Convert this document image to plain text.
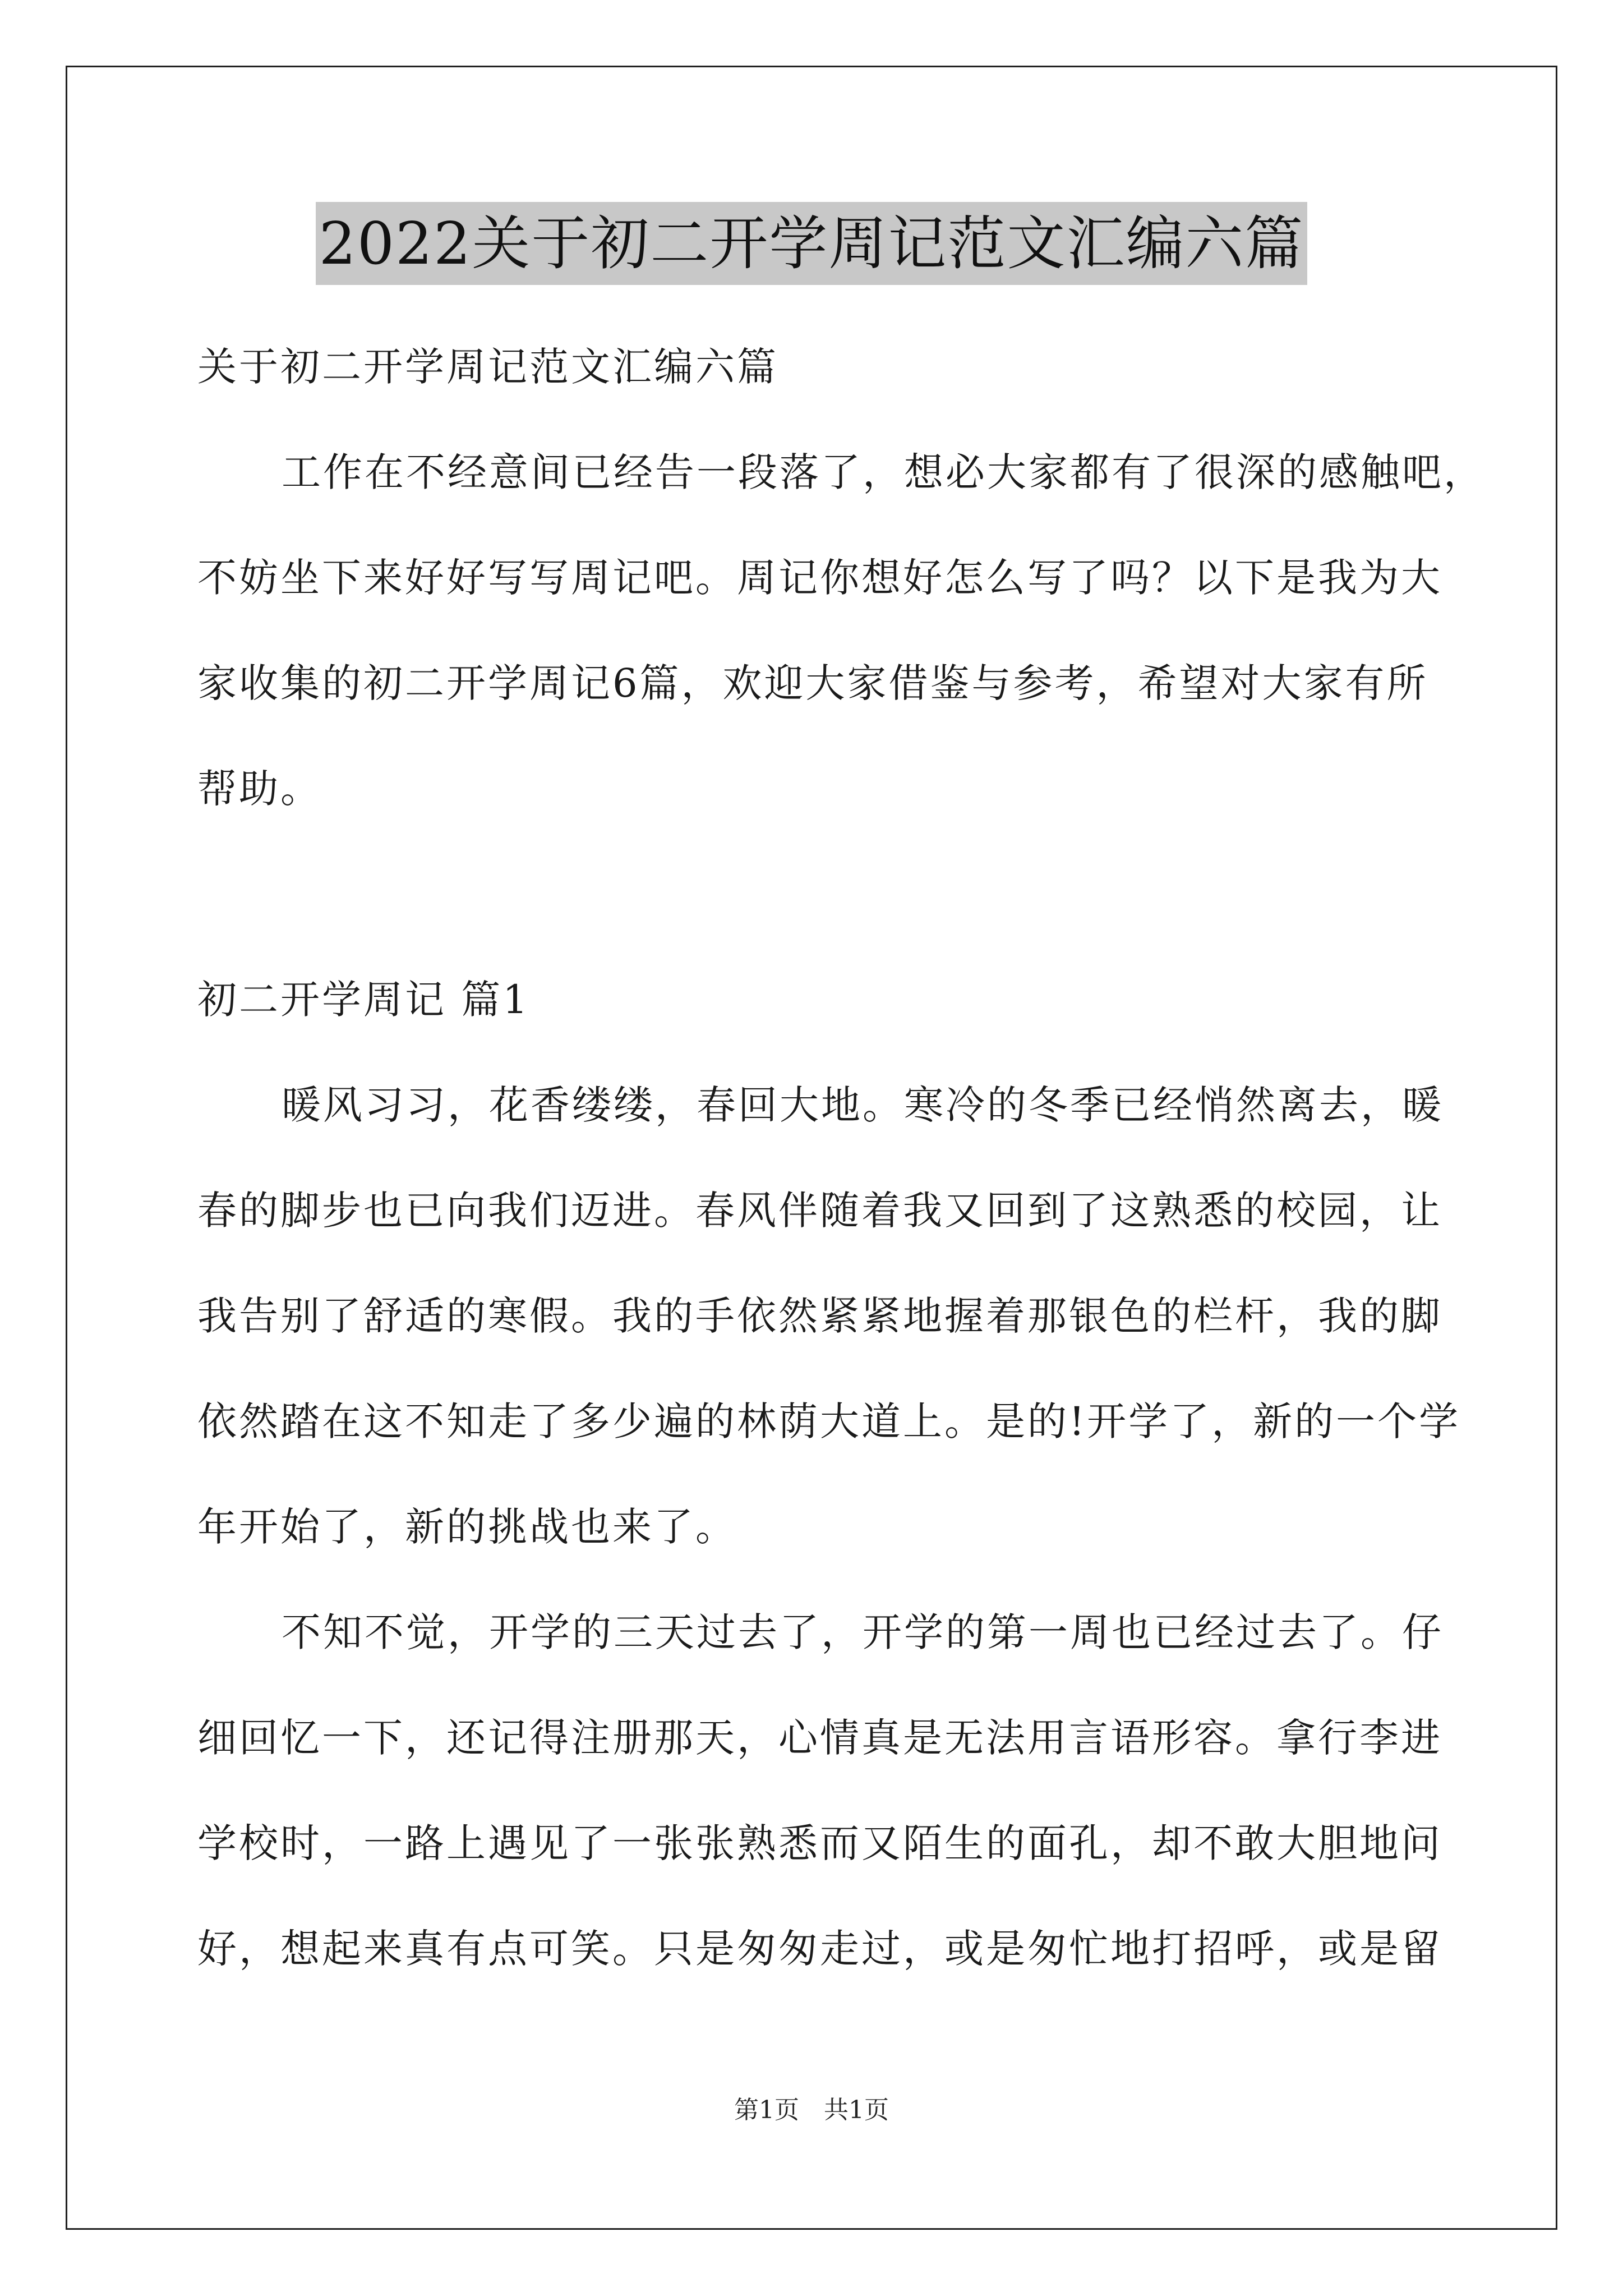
2022关于初二开学周记范文汇编六篇
关于初二开学周记范文汇编六篇
工作在不经意间已经告一段落了，想必大家都有了很深的感触吧，
不妨坐下来好好写写周记吧。周记你想好怎么写了吗？以下是我为大
家收集的初二开学周记6篇，欢迎大家借鉴与参考，希望对大家有所
帮助。
初二开学周记 篇1
暖风习习，花香缕缕，春回大地。寒冷的冬季已经悄然离去，暖
春的脚步也已向我们迈进。春风伴随着我又回到了这熟悉的校园，让
我告别了舒适的寒假。我的手依然紧紧地握着那银色的栏杆，我的脚
依然踏在这不知走了多少遍的林荫大道上。是的!开学了，新的一个学
年开始了，新的挑战也来了。
不知不觉，开学的三天过去了，开学的第一周也已经过去了。仔
细回忆一下，还记得注册那天，心情真是无法用言语形容。拿行李进
学校时，一路上遇见了一张张熟悉而又陌生的面孔，却不敢大胆地问
好，想起来真有点可笑。只是匆匆走过，或是匆忙地打招呼，或是留
第1页　共1页
